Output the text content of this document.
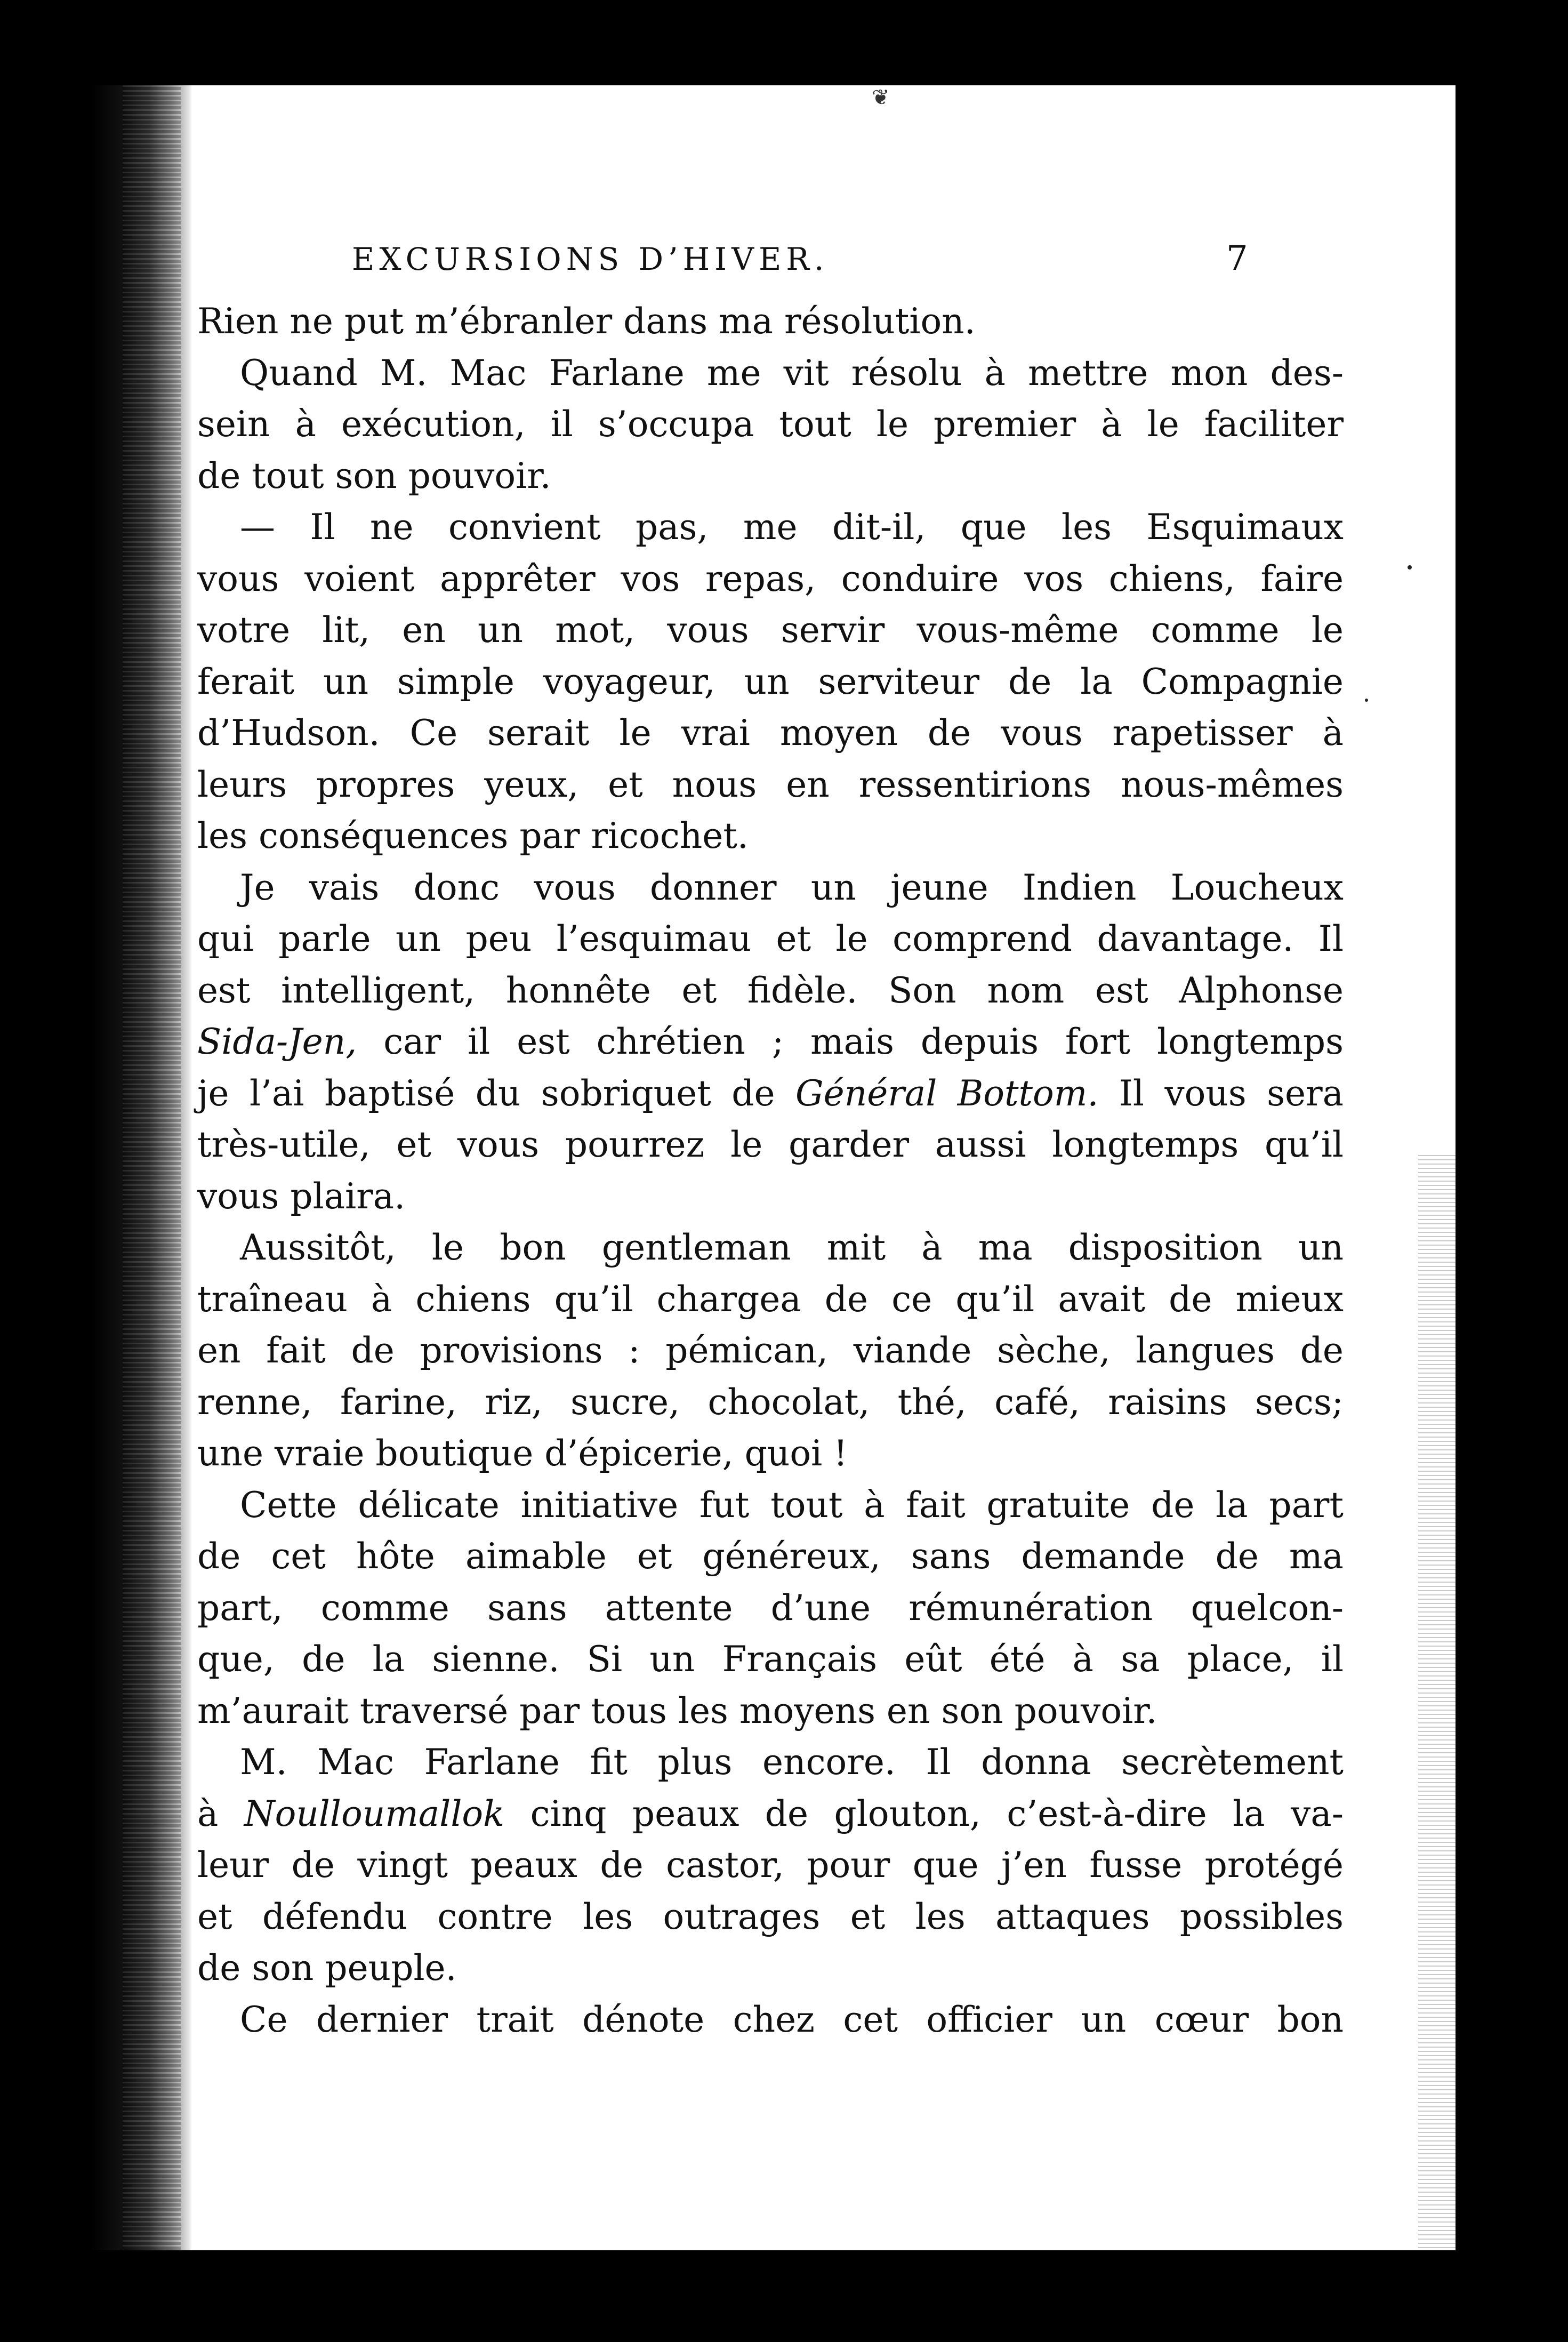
❦
EXCURSIONS D’HIVER.	7
Rien ne put m’ébranler dans ma résolution.
Quand M. Mac Farlane me vit résolu à mettre mon des-
sein à exécution, il s’occupa tout le premier à le faciliter
de tout son pouvoir.
— Il ne convient pas, me dit-il, que les Esquimaux
vous voient apprêter vos repas, conduire vos chiens, faire
votre lit, en un mot, vous servir vous-même comme le
ferait un simple voyageur, un serviteur de la Compagnie
d’Hudson. Ce serait le vrai moyen de vous rapetisser à
leurs propres yeux, et nous en ressentirions nous-mêmes
les conséquences par ricochet.
Je vais donc vous donner un jeune Indien Loucheux
qui parle un peu l’esquimau et le comprend davantage. Il
est intelligent, honnête et fidèle. Son nom est Alphonse
Sida-Jen, car il est chrétien ; mais depuis fort longtemps
je l’ai baptisé du sobriquet de Général Bottom. Il vous sera
très-utile, et vous pourrez le garder aussi longtemps qu’il
vous plaira.
Aussitôt, le bon gentleman mit à ma disposition un
traîneau à chiens qu’il chargea de ce qu’il avait de mieux
en fait de provisions : pémican, viande sèche, langues de
renne, farine, riz, sucre, chocolat, thé, café, raisins secs;
une vraie boutique d’épicerie, quoi !
Cette délicate initiative fut tout à fait gratuite de la part
de cet hôte aimable et généreux, sans demande de ma
part, comme sans attente d’une rémunération quelcon-
que, de la sienne. Si un Français eût été à sa place, il
m’aurait traversé par tous les moyens en son pouvoir.
M. Mac Farlane fit plus encore. Il donna secrètement
à Noulloumallok cinq peaux de glouton, c’est-à-dire la va-
leur de vingt peaux de castor, pour que j’en fusse protégé
et défendu contre les outrages et les attaques possibles
de son peuple.
Ce dernier trait dénote chez cet officier un cœur bon
